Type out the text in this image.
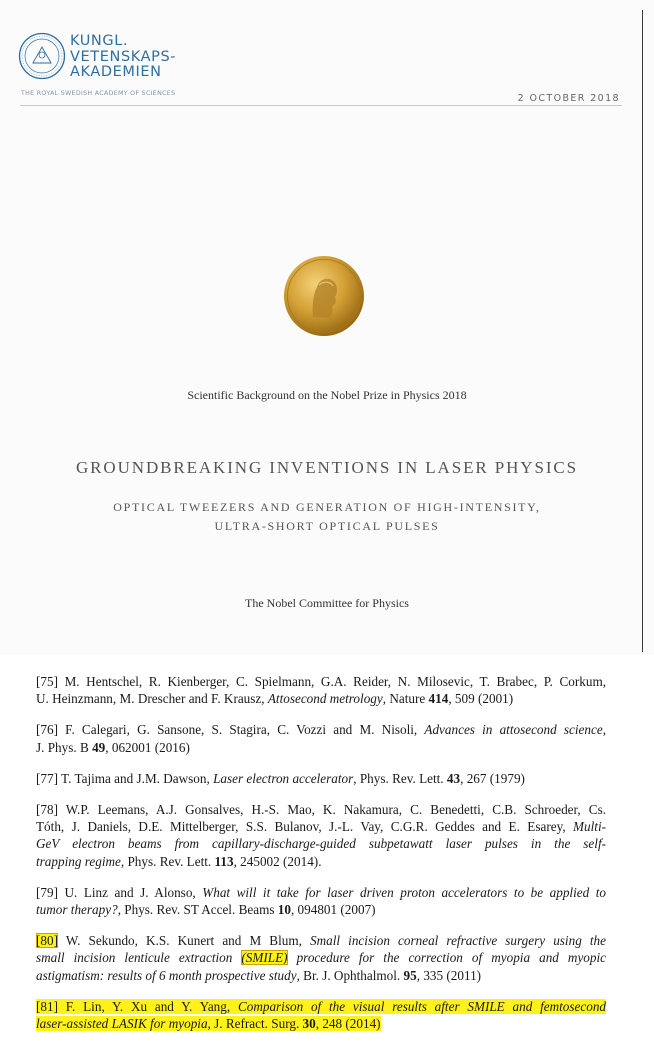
KUNGL.
VETENSKAPS-
AKADEMIEN
THE ROYAL SWEDISH ACADEMY OF SCIENCES	2 OCTOBER 2018
Scientific Background on the Nobel Prize in Physics 2018
GROUNDBREAKING INVENTIONS IN LASER PHYSICS
OPTICAL TWEEZERS AND GENERATION OF HIGH-INTENSITY,
ULTRA-SHORT OPTICAL PULSES
The Nobel Committee for Physics
[75] M. Hentschel, R. Kienberger, C. Spielmann, G.A. Reider, N. Milosevic, T. Brabec, P. Corkum,
U. Heinzmann, M. Drescher and F. Krausz, Attosecond metrology, Nature 414, 509 (2001)
[76] F. Calegari, G. Sansone, S. Stagira, C. Vozzi and M. Nisoli, Advances in attosecond science,
J. Phys. B 49, 062001 (2016)
[77] T. Tajima and J.M. Dawson, Laser electron accelerator, Phys. Rev. Lett. 43, 267 (1979)
[78] W.P. Leemans, A.J. Gonsalves, H.-S. Mao, K. Nakamura, C. Benedetti, C.B. Schroeder, Cs.
Tóth, J. Daniels, D.E. Mittelberger, S.S. Bulanov, J.-L. Vay, C.G.R. Geddes and E. Esarey, Multi-
GeV electron beams from capillary-discharge-guided subpetawatt laser pulses in the self-
trapping regime, Phys. Rev. Lett. 113, 245002 (2014).
[79] U. Linz and J. Alonso, What will it take for laser driven proton accelerators to be applied to
tumor therapy?, Phys. Rev. ST Accel. Beams 10, 094801 (2007)
[80] W. Sekundo, K.S. Kunert and M Blum, Small incision corneal refractive surgery using the
small incision lenticule extraction (SMILE) procedure for the correction of myopia and myopic
astigmatism: results of 6 month prospective study, Br. J. Ophthalmol. 95, 335 (2011)
[81] F. Lin, Y. Xu and Y. Yang, Comparison of the visual results after SMILE and femtosecond
laser-assisted LASIK for myopia, J. Refract. Surg. 30, 248 (2014)
